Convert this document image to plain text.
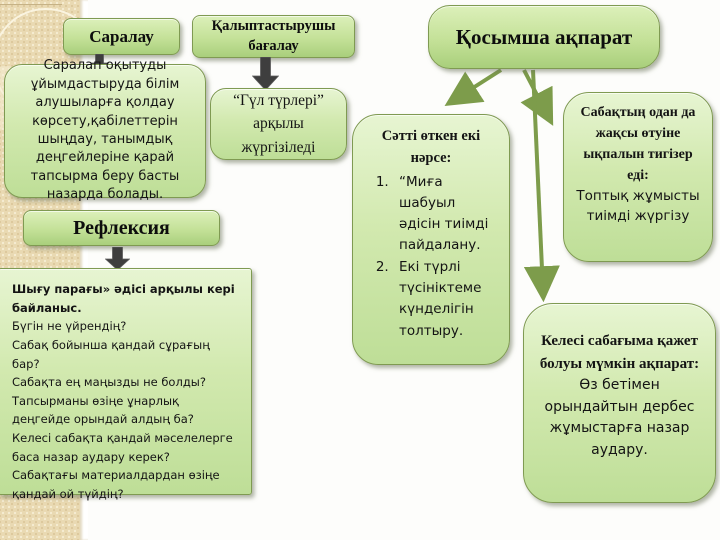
Саралау
Қалыптастырушы бағалау	Қосымша ақпарат
Рефлексия
Саралап оқытуды ұйымдастыруда білім алушыларға қолдау көрсету,қабілеттерін шыңдау, танымдық деңгейлеріне қарай тапсырма беру басты назарда болады.
“Гүл түрлері” арқылы жүргізіледі
Шығу парағы» әдісі арқылы кері байланыс.
Бүгін не үйрендің?
Сабақ бойынша қандай сұрағың бар?
Сабақта ең маңызды не болды?
Тапсырманы өзіңе ұнарлық деңгейде орындай алдың ба?
Келесі сабақта қандай мәселелерге баса назар аудару керек?
Сабақтағы материалдардан өзіңе қандай ой түйдің?
Сәтті өткен екі нәрсе:
1. “Миға шабуыл әдісін тиімді пайдалану.
2. Екі түрлі түсініктеме күнделігін толтыру.
Сабақтың одан да жақсы өтуіне ықпалын тигізер еді:
Топтық жұмысты тиімді жүргізу
Келесі сабағыма қажет болуы мүмкін ақпарат:
Өз бетімен орындайтын дербес жұмыстарға назар аудару.
